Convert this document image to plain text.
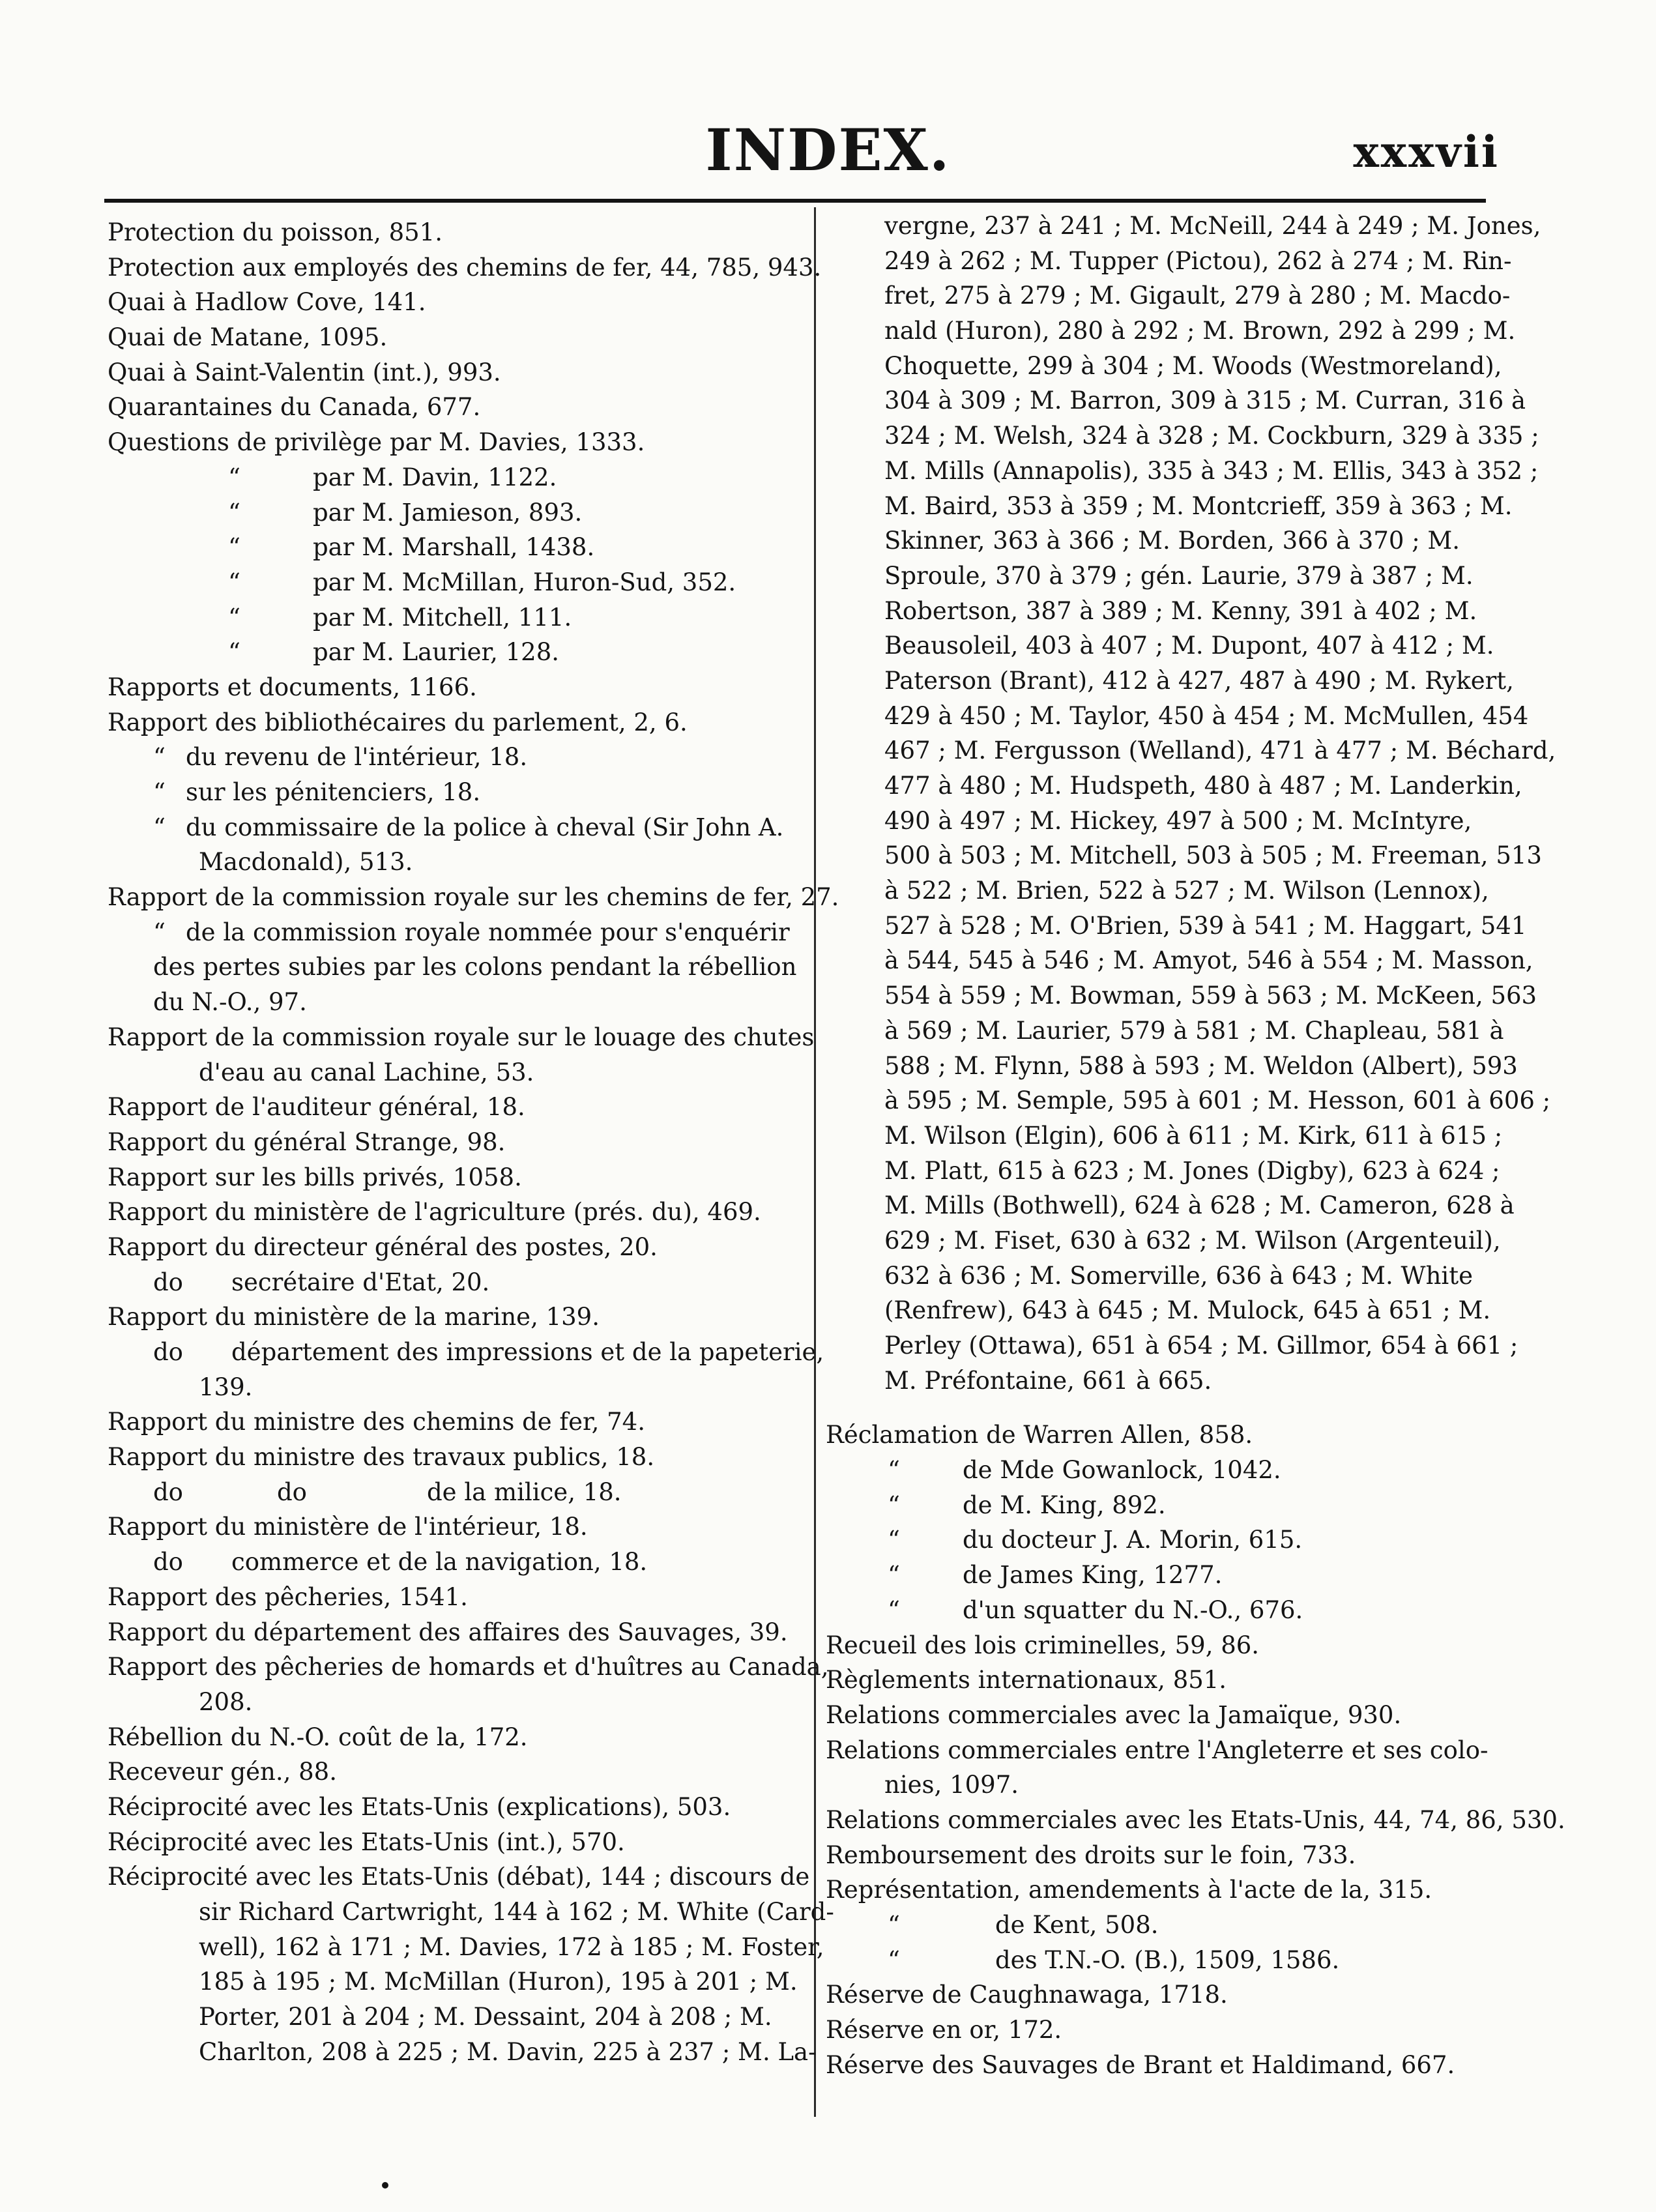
INDEX.	xxxvii
Protection du poisson, 851.
Protection aux employés des chemins de fer, 44, 785, 943.
Quai à Hadlow Cove, 141.
Quai de Matane, 1095.
Quai à Saint-Valentin (int.), 993.
Quarantaines du Canada, 677.
Questions de privilège par M. Davies, 1333.
“	par M. Davin, 1122.
“	par M. Jamieson, 893.
“	par M. Marshall, 1438.
“	par M. McMillan, Huron-Sud, 352.
“	par M. Mitchell, 111.
“	par M. Laurier, 128.
Rapports et documents, 1166.
Rapport des bibliothécaires du parlement, 2, 6.
“ du revenu de l'intérieur, 18.
“ sur les pénitenciers, 18.
“ du commissaire de la police à cheval (Sir John A.
Macdonald), 513.
Rapport de la commission royale sur les chemins de fer, 27.
“ de la commission royale nommée pour s'enquérir
des pertes subies par les colons pendant la rébellion
du N.-O., 97.
Rapport de la commission royale sur le louage des chutes
d'eau au canal Lachine, 53.
Rapport de l'auditeur général, 18.
Rapport du général Strange, 98.
Rapport sur les bills privés, 1058.
Rapport du ministère de l'agriculture (prés. du), 469.
Rapport du directeur général des postes, 20.
do secrétaire d'Etat, 20.
Rapport du ministère de la marine, 139.
do département des impressions et de la papeterie,
139.
Rapport du ministre des chemins de fer, 74.
Rapport du ministre des travaux publics, 18.
do	do	de la milice, 18.
Rapport du ministère de l'intérieur, 18.
do commerce et de la navigation, 18.
Rapport des pêcheries, 1541.
Rapport du département des affaires des Sauvages, 39.
Rapport des pêcheries de homards et d'huîtres au Canada,
208.
Rébellion du N.-O. coût de la, 172.
Receveur gén., 88.
Réciprocité avec les Etats-Unis (explications), 503.
Réciprocité avec les Etats-Unis (int.), 570.
Réciprocité avec les Etats-Unis (débat), 144 ; discours de
sir Richard Cartwright, 144 à 162 ; M. White (Card-
well), 162 à 171 ; M. Davies, 172 à 185 ; M. Foster,
185 à 195 ; M. McMillan (Huron), 195 à 201 ; M.
Porter, 201 à 204 ; M. Dessaint, 204 à 208 ; M.
Charlton, 208 à 225 ; M. Davin, 225 à 237 ; M. La-
vergne, 237 à 241 ; M. McNeill, 244 à 249 ; M. Jones,
249 à 262 ; M. Tupper (Pictou), 262 à 274 ; M. Rin-
fret, 275 à 279 ; M. Gigault, 279 à 280 ; M. Macdo-
nald (Huron), 280 à 292 ; M. Brown, 292 à 299 ; M.
Choquette, 299 à 304 ; M. Woods (Westmoreland),
304 à 309 ; M. Barron, 309 à 315 ; M. Curran, 316 à
324 ; M. Welsh, 324 à 328 ; M. Cockburn, 329 à 335 ;
M. Mills (Annapolis), 335 à 343 ; M. Ellis, 343 à 352 ;
M. Baird, 353 à 359 ; M. Montcrieff, 359 à 363 ; M.
Skinner, 363 à 366 ; M. Borden, 366 à 370 ; M.
Sproule, 370 à 379 ; gén. Laurie, 379 à 387 ; M.
Robertson, 387 à 389 ; M. Kenny, 391 à 402 ; M.
Beausoleil, 403 à 407 ; M. Dupont, 407 à 412 ; M.
Paterson (Brant), 412 à 427, 487 à 490 ; M. Rykert,
429 à 450 ; M. Taylor, 450 à 454 ; M. McMullen, 454
467 ; M. Fergusson (Welland), 471 à 477 ; M. Béchard,
477 à 480 ; M. Hudspeth, 480 à 487 ; M. Landerkin,
490 à 497 ; M. Hickey, 497 à 500 ; M. McIntyre,
500 à 503 ; M. Mitchell, 503 à 505 ; M. Freeman, 513
à 522 ; M. Brien, 522 à 527 ; M. Wilson (Lennox),
527 à 528 ; M. O'Brien, 539 à 541 ; M. Haggart, 541
à 544, 545 à 546 ; M. Amyot, 546 à 554 ; M. Masson,
554 à 559 ; M. Bowman, 559 à 563 ; M. McKeen, 563
à 569 ; M. Laurier, 579 à 581 ; M. Chapleau, 581 à
588 ; M. Flynn, 588 à 593 ; M. Weldon (Albert), 593
à 595 ; M. Semple, 595 à 601 ; M. Hesson, 601 à 606 ;
M. Wilson (Elgin), 606 à 611 ; M. Kirk, 611 à 615 ;
M. Platt, 615 à 623 ; M. Jones (Digby), 623 à 624 ;
M. Mills (Bothwell), 624 à 628 ; M. Cameron, 628 à
629 ; M. Fiset, 630 à 632 ; M. Wilson (Argenteuil),
632 à 636 ; M. Somerville, 636 à 643 ; M. White
(Renfrew), 643 à 645 ; M. Mulock, 645 à 651 ; M.
Perley (Ottawa), 651 à 654 ; M. Gillmor, 654 à 661 ;
M. Préfontaine, 661 à 665.
Réclamation de Warren Allen, 858.
“	de Mde Gowanlock, 1042.
“	de M. King, 892.
“	du docteur J. A. Morin, 615.
“	de James King, 1277.
“	d'un squatter du N.-O., 676.
Recueil des lois criminelles, 59, 86.
Règlements internationaux, 851.
Relations commerciales avec la Jamaïque, 930.
Relations commerciales entre l'Angleterre et ses colo-
nies, 1097.
Relations commerciales avec les Etats-Unis, 44, 74, 86, 530.
Remboursement des droits sur le foin, 733.
Représentation, amendements à l'acte de la, 315.
“	de Kent, 508.
“	des T.N.-O. (B.), 1509, 1586.
Réserve de Caughnawaga, 1718.
Réserve en or, 172.
Réserve des Sauvages de Brant et Haldimand, 667.
